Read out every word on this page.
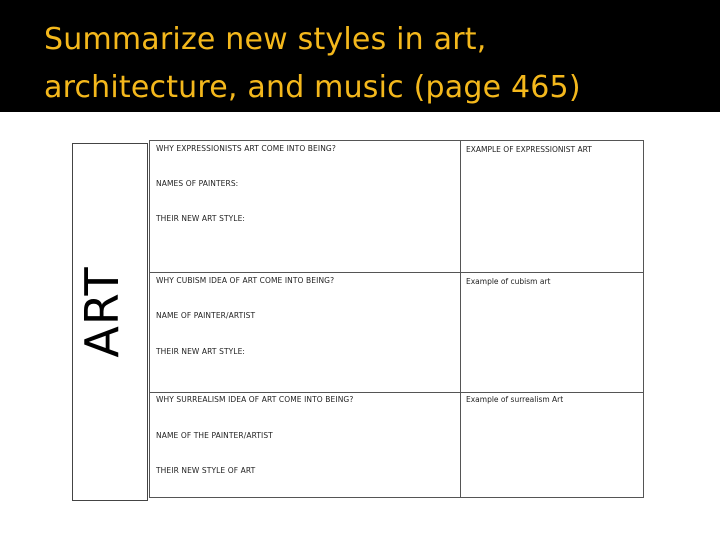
Summarize new styles in art,
architecture, and music (page 465)
ART
WHY EXPRESSIONISTS ART COME INTO BEING?
NAMES OF PAINTERS:
THEIR NEW ART STYLE:
EXAMPLE OF EXPRESSIONIST ART
WHY CUBISM IDEA OF ART COME INTO BEING?
NAME OF PAINTER/ARTIST
THEIR NEW ART STYLE:
Example of cubism art
WHY SURREALISM IDEA OF ART COME INTO BEING?
NAME OF THE PAINTER/ARTIST
THEIR NEW STYLE OF ART
Example of surrealism Art
